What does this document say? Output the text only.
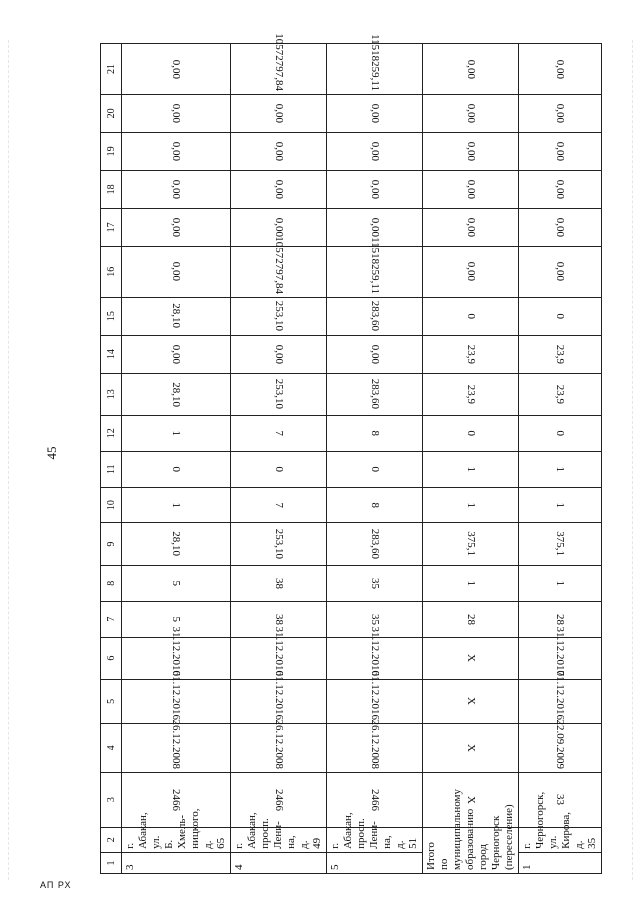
45
1	2	3	4	5	6	7	8	9	10	11	12	13	14	15	16	17	18	19	20	21
3	г. Абакан, ул. Б. Хмель-ницкого, д. 65	2466	26.12.2008	01.12.2016	31.12.2016	5	5	28,10	1	0	1	28,10	0,00	28,10	0,00	0,00	0,00	0,00	0,00	0,00
4	г. Абакан, просп. Лени-на, д. 49	2466	26.12.2008	01.12.2016	31.12.2016	38	38	253,10	7	0	7	253,10	0,00	253,10	10572797,84	0,00	0,00	0,00	0,00	10572797,84
5	г. Абакан, просп. Лени-на, д. 51	2466	26.12.2008	01.12.2016	31.12.2016	35	35	283,60	8	0	8	283,60	0,00	283,60	11518259,11	0,00	0,00	0,00	0,00	11518259,11
Итого по муниципальному образованию город Черногорск (переселение)		X	X	X	X	28	1	375,1	1	1	0	23,9	23,9	0	0,00	0,00	0,00	0,00	0,00	0,00
1	г. Черногорск, ул. Кирова, д. 35	33	22.09.2009	01.12.2016	31.12.2017	28	1	375,1	1	1	0	23,9	23,9	0	0,00	0,00	0,00	0,00	0,00	0,00
АП РХ
